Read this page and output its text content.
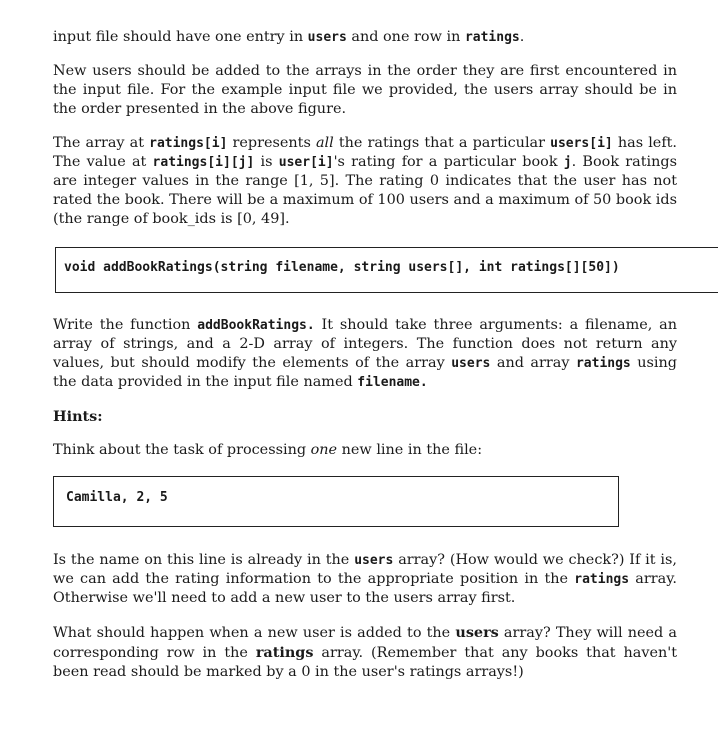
input file should have one entry in users and one row in ratings.

New users should be added to the arrays in the order they are first encountered in the input file. For the example input file we provided, the users array should be in the order presented in the above figure.

The array at ratings[i] represents all the ratings that a particular users[i] has left. The value at ratings[i][j] is user[i]'s rating for a particular book j. Book ratings are integer values in the range [1, 5]. The rating 0 indicates that the user has not rated the book. There will be a maximum of 100 users and a maximum of 50 book ids (the range of book_ids is [0, 49].

void addBookRatings(string filename, string users[], int ratings[][50])

Write the function addBookRatings. It should take three arguments: a filename, an array of strings, and a 2-D array of integers. The function does not return any values, but should modify the elements of the array users and array ratings using the data provided in the input file named filename.

Hints:

Think about the task of processing one new line in the file:

Camilla, 2, 5

Is the name on this line is already in the users array? (How would we check?) If it is, we can add the rating information to the appropriate position in the ratings array. Otherwise we'll need to add a new user to the users array first.

What should happen when a new user is added to the users array? They will need a corresponding row in the ratings array. (Remember that any books that haven't been read should be marked by a 0 in the user's ratings arrays!)
